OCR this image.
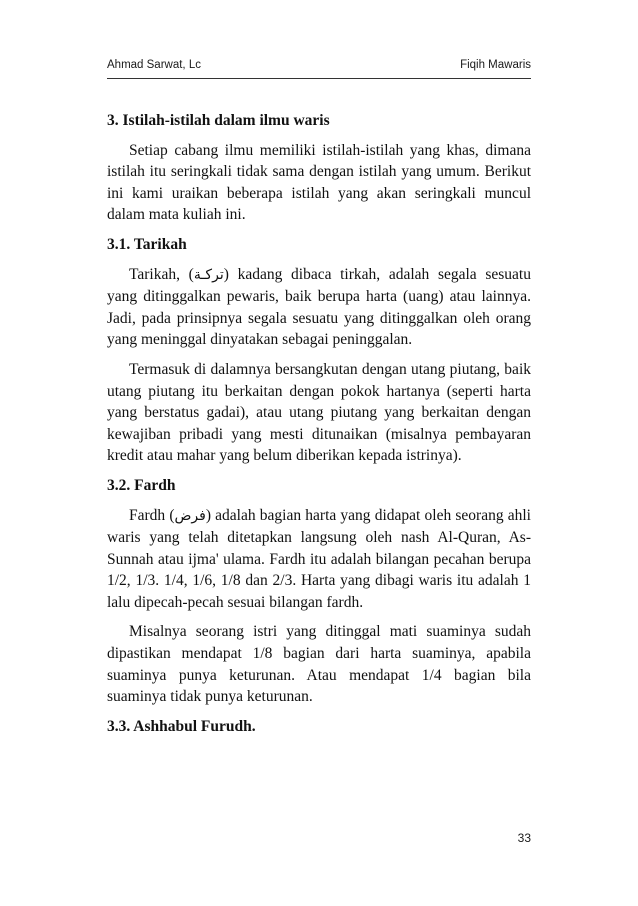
Ahmad Sarwat, Lc	Fiqih Mawaris
3. Istilah-istilah dalam ilmu waris

Setiap cabang ilmu memiliki istilah-istilah yang khas, dimana istilah itu seringkali tidak sama dengan istilah yang umum. Berikut ini kami uraikan beberapa istilah yang akan seringkali muncul dalam mata kuliah ini.

3.1. Tarikah

Tarikah, (تركـة) kadang dibaca tirkah, adalah segala sesuatu yang ditinggalkan pewaris, baik berupa harta (uang) atau lainnya. Jadi, pada prinsipnya segala sesuatu yang ditinggalkan oleh orang yang meninggal dinyatakan sebagai peninggalan.

Termasuk di dalamnya bersangkutan dengan utang piutang, baik utang piutang itu berkaitan dengan pokok hartanya (seperti harta yang berstatus gadai), atau utang piutang yang berkaitan dengan kewajiban pribadi yang mesti ditunaikan (misalnya pembayaran kredit atau mahar yang belum diberikan kepada istrinya).

3.2. Fardh

Fardh (فرض) adalah bagian harta yang didapat oleh seorang ahli waris yang telah ditetapkan langsung oleh nash Al-Quran, As-Sunnah atau ijma' ulama. Fardh itu adalah bilangan pecahan berupa 1/2, 1/3. 1/4, 1/6, 1/8 dan 2/3. Harta yang dibagi waris itu adalah 1 lalu dipecah-pecah sesuai bilangan fardh.

Misalnya seorang istri yang ditinggal mati suaminya sudah dipastikan mendapat 1/8 bagian dari harta suaminya, apabila suaminya punya keturunan. Atau mendapat 1/4 bagian bila suaminya tidak punya keturunan.

3.3. Ashhabul Furudh.
33
